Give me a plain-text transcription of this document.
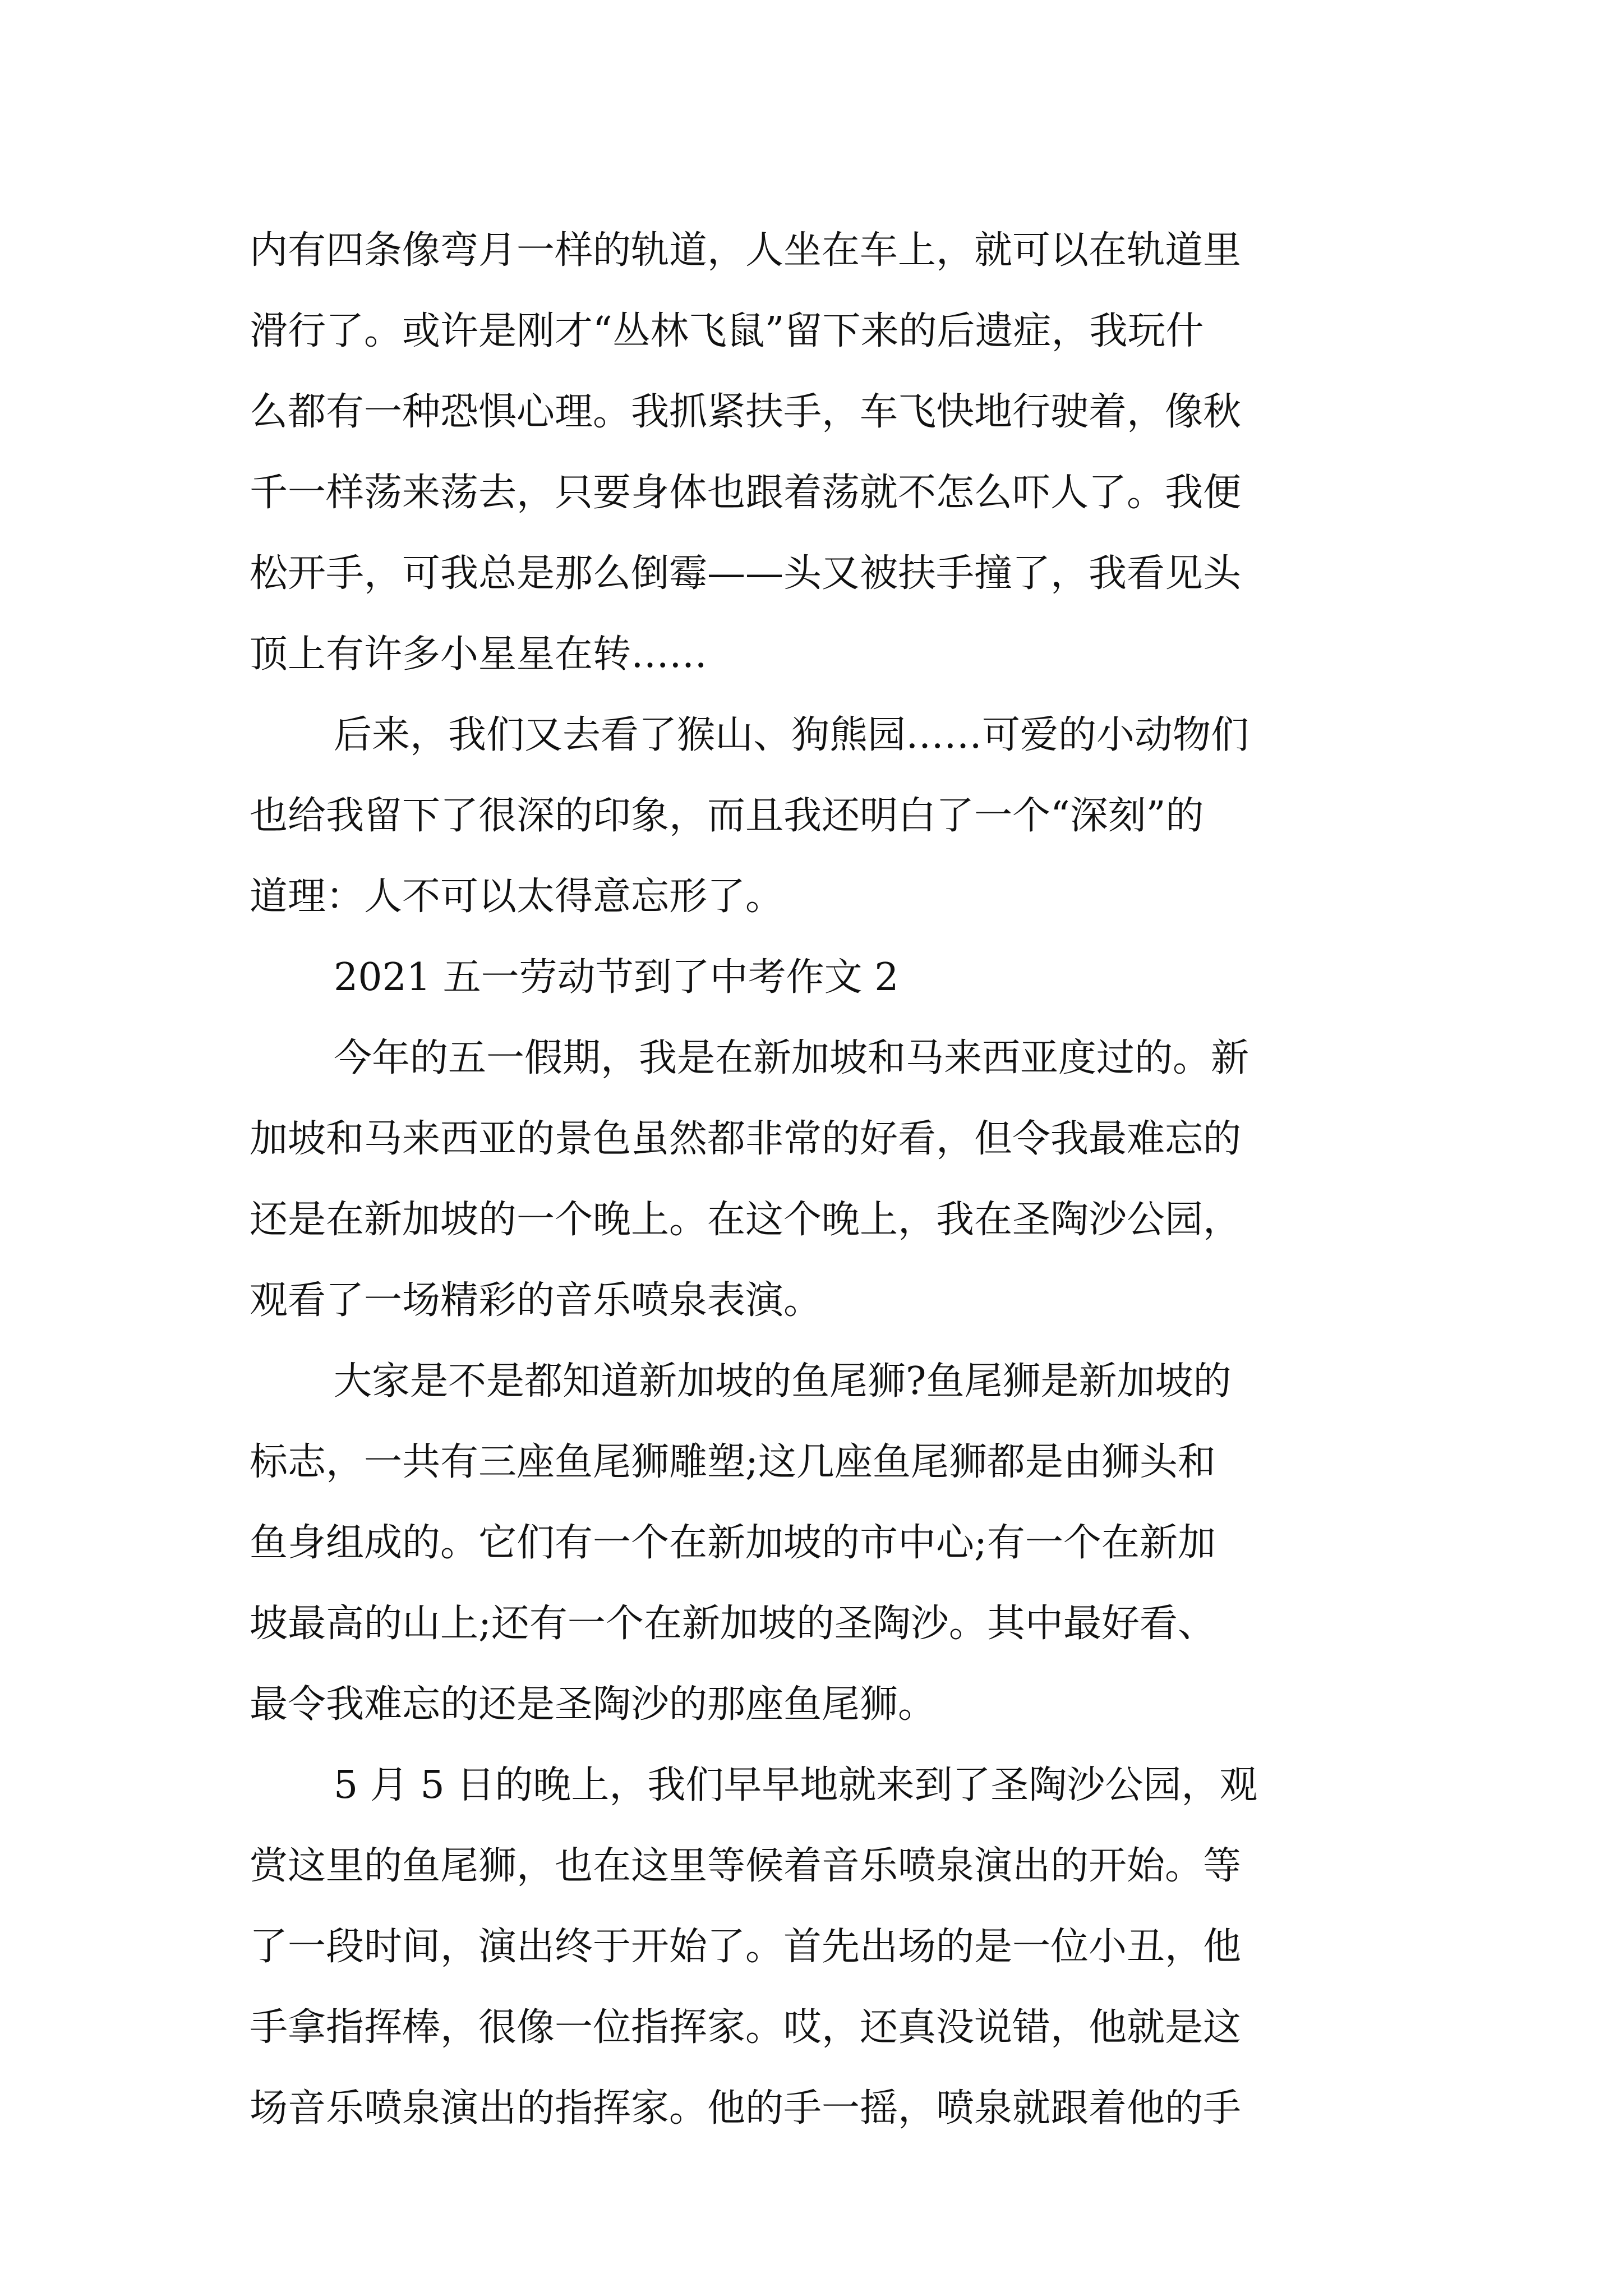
内有四条像弯月一样的轨道，人坐在车上，就可以在轨道里
滑行了。或许是刚才“丛林飞鼠”留下来的后遗症，我玩什
么都有一种恐惧心理。我抓紧扶手，车飞快地行驶着，像秋
千一样荡来荡去，只要身体也跟着荡就不怎么吓人了。我便
松开手，可我总是那么倒霉——头又被扶手撞了，我看见头
顶上有许多小星星在转……
后来，我们又去看了猴山、狗熊园……可爱的小动物们
也给我留下了很深的印象，而且我还明白了一个“深刻”的
道理：人不可以太得意忘形了。
2021 五一劳动节到了中考作文 2
今年的五一假期，我是在新加坡和马来西亚度过的。新
加坡和马来西亚的景色虽然都非常的好看，但令我最难忘的
还是在新加坡的一个晚上。在这个晚上，我在圣陶沙公园，
观看了一场精彩的音乐喷泉表演。
大家是不是都知道新加坡的鱼尾狮?鱼尾狮是新加坡的
标志，一共有三座鱼尾狮雕塑;这几座鱼尾狮都是由狮头和
鱼身组成的。它们有一个在新加坡的市中心;有一个在新加
坡最高的山上;还有一个在新加坡的圣陶沙。其中最好看、
最令我难忘的还是圣陶沙的那座鱼尾狮。
5 月 5 日的晚上，我们早早地就来到了圣陶沙公园，观
赏这里的鱼尾狮，也在这里等候着音乐喷泉演出的开始。等
了一段时间，演出终于开始了。首先出场的是一位小丑，他
手拿指挥棒，很像一位指挥家。哎，还真没说错，他就是这
场音乐喷泉演出的指挥家。他的手一摇，喷泉就跟着他的手
